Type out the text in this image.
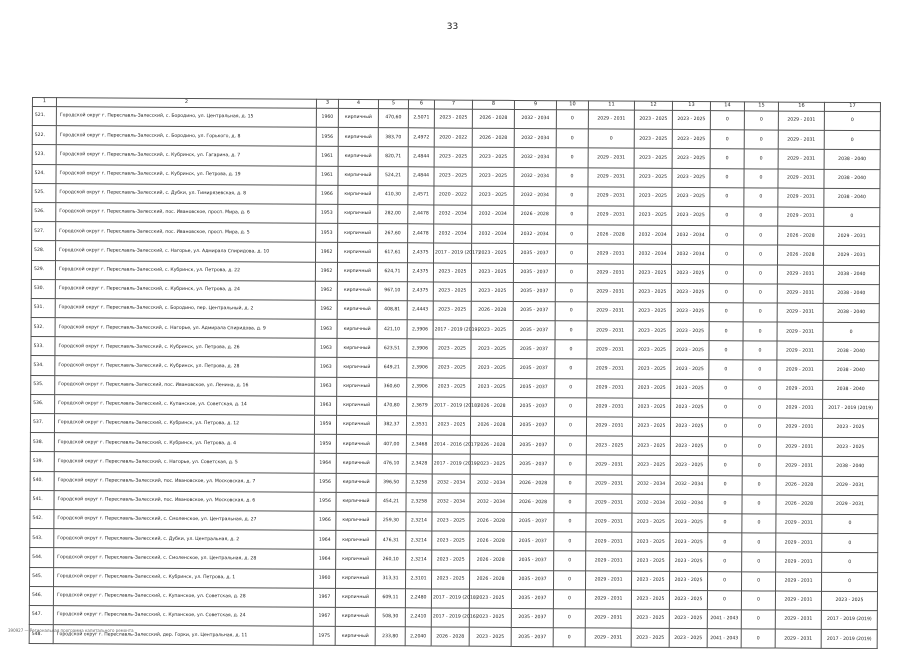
33
1	2	3	4	5	6	7	8	9	10	11	12	13	14	15	16	17
521.	Городской округ г. Переславль-Залесский, с. Бородино, ул. Центральная, д. 15	1960	кирпичный	470,60	2,5071	2023 - 2025	2026 - 2028	2032 - 2034	0	2029 - 2031	2023 - 2025	2023 - 2025	0	0	2029 - 2031	0
522.	Городской округ г. Переславль-Залесский, с. Бородино, ул. Горького, д. 8	1956	кирпичный	383,70	2,4972	2020 - 2022	2026 - 2028	2032 - 2034	0	0	2023 - 2025	2023 - 2025	0	0	2029 - 2031	0
523.	Городской округ г. Переславль-Залесский, с. Кубринск, ул. Гагарина, д. 7	1961	кирпичный	820,71	2,4844	2023 - 2025	2023 - 2025	2032 - 2034	0	2029 - 2031	2023 - 2025	2023 - 2025	0	0	2029 - 2031	2038 - 2040
524.	Городской округ г. Переславль-Залесский, с. Кубринск, ул. Петрова, д. 19	1961	кирпичный	524,21	2,4844	2023 - 2025	2023 - 2025	2032 - 2034	0	2029 - 2031	2023 - 2025	2023 - 2025	0	0	2029 - 2031	2038 - 2040
525.	Городской округ г. Переславль-Залесский, с. Дубки, ул. Тимирязевская, д. 8	1966	кирпичный	410,30	2,4571	2020 - 2022	2023 - 2025	2032 - 2034	0	2029 - 2031	2023 - 2025	2023 - 2025	0	0	2029 - 2031	2038 - 2040
526.	Городской округ г. Переславль-Залесский, пос. Ивановское, просп. Мира, д. 6	1953	кирпичный	282,00	2,4478	2032 - 2034	2032 - 2034	2026 - 2028	0	2029 - 2031	2023 - 2025	2023 - 2025	0	0	2029 - 2031	0
527.	Городской округ г. Переславль-Залесский, пос. Ивановское, просп. Мира, д. 5	1953	кирпичный	267,60	2,4478	2032 - 2034	2032 - 2034	2032 - 2034	0	2026 - 2028	2032 - 2034	2032 - 2034	0	0	2026 - 2028	2029 - 2031
528.	Городской округ г. Переславль-Залесский, с. Нагорье, ул. Адмирала Спиридова, д. 10	1962	кирпичный	617,61	2,4375	2017 - 2019 (2017)	2023 - 2025	2035 - 2037	0	2029 - 2031	2032 - 2034	2032 - 2034	0	0	2026 - 2028	2029 - 2031
529.	Городской округ г. Переславль-Залесский, с. Кубринск, ул. Петрова, д. 22	1962	кирпичный	624,71	2,4375	2023 - 2025	2023 - 2025	2035 - 2037	0	2029 - 2031	2023 - 2025	2023 - 2025	0	0	2029 - 2031	2038 - 2040
530.	Городской округ г. Переславль-Залесский, с. Кубринск, ул. Петрова, д. 24	1962	кирпичный	967,10	2,4375	2023 - 2025	2023 - 2025	2035 - 2037	0	2029 - 2031	2023 - 2025	2023 - 2025	0	0	2029 - 2031	2038 - 2040
531.	Городской округ г. Переславль-Залесский, с. Бородино, пер. Центральный, д. 2	1962	кирпичный	408,81	2,4443	2023 - 2025	2026 - 2028	2035 - 2037	0	2029 - 2031	2023 - 2025	2023 - 2025	0	0	2029 - 2031	2038 - 2040
532.	Городской округ г. Переславль-Залесский, с. Нагорье, ул. Адмирала Спиридова, д. 9	1963	кирпичный	421,10	2,3906	2017 - 2019 (2019)	2023 - 2025	2035 - 2037	0	2029 - 2031	2023 - 2025	2023 - 2025	0	0	2029 - 2031	0
533.	Городской округ г. Переславль-Залесский, с. Кубринск, ул. Петрова, д. 26	1963	кирпичный	623,51	2,3906	2023 - 2025	2023 - 2025	2035 - 2037	0	2029 - 2031	2023 - 2025	2023 - 2025	0	0	2029 - 2031	2038 - 2040
534.	Городской округ г. Переславль-Залесский, с. Кубринск, ул. Петрова, д. 28	1963	кирпичный	649,21	2,3906	2023 - 2025	2023 - 2025	2035 - 2037	0	2029 - 2031	2023 - 2025	2023 - 2025	0	0	2029 - 2031	2038 - 2040
535.	Городской округ г. Переславль-Залесский, пос. Ивановское, ул. Ленина, д. 16	1963	кирпичный	360,60	2,3906	2023 - 2025	2023 - 2025	2035 - 2037	0	2029 - 2031	2023 - 2025	2023 - 2025	0	0	2029 - 2031	2038 - 2040
536.	Городской округ г. Переславль-Залесский, с. Купанское, ул. Советская, д. 14	1963	кирпичный	470,80	2,3679	2017 - 2019 (2018)	2026 - 2028	2035 - 2037	0	2029 - 2031	2023 - 2025	2023 - 2025	0	0	2029 - 2031	2017 - 2019 (2019)
537.	Городской округ г. Переславль-Залесский, с. Кубринск, ул. Петрова, д. 12	1959	кирпичный	382,37	2,3531	2023 - 2025	2026 - 2028	2035 - 2037	0	2029 - 2031	2023 - 2025	2023 - 2025	0	0	2029 - 2031	2023 - 2025
538.	Городской округ г. Переславль-Залесский, с. Кубринск, ул. Петрова, д. 4	1959	кирпичный	407,00	2,3468	2014 - 2016 (2017)	2026 - 2028	2035 - 2037	0	2023 - 2025	2023 - 2025	2023 - 2025	0	0	2029 - 2031	2023 - 2025
539.	Городской округ г. Переславль-Залесский, с. Нагорье, ул. Советская, д. 5	1964	кирпичный	476,10	2,3428	2017 - 2019 (2019)	2023 - 2025	2035 - 2037	0	2029 - 2031	2023 - 2025	2023 - 2025	0	0	2029 - 2031	2038 - 2040
540.	Городской округ г. Переславль-Залесский, пос. Ивановское, ул. Московская, д. 7	1956	кирпичный	396,50	2,3258	2032 - 2034	2032 - 2034	2026 - 2028	0	2029 - 2031	2032 - 2034	2032 - 2034	0	0	2026 - 2028	2029 - 2031
541.	Городской округ г. Переславль-Залесский, пос. Ивановское, ул. Московская, д. 6	1956	кирпичный	454,21	2,3258	2032 - 2034	2032 - 2034	2026 - 2028	0	2029 - 2031	2032 - 2034	2032 - 2034	0	0	2026 - 2028	2029 - 2031
542.	Городской округ г. Переславль-Залесский, с. Смоленское, ул. Центральная, д. 27	1966	кирпичный	259,30	2,3214	2023 - 2025	2026 - 2028	2035 - 2037	0	2029 - 2031	2023 - 2025	2023 - 2025	0	0	2029 - 2031	0
543.	Городской округ г. Переславль-Залесский, с. Дубки, ул. Центральная, д. 2	1964	кирпичный	476,31	2,3214	2023 - 2025	2026 - 2028	2035 - 2037	0	2029 - 2031	2023 - 2025	2023 - 2025	0	0	2029 - 2031	0
544.	Городской округ г. Переславль-Залесский, с. Смоленское, ул. Центральная, д. 28	1964	кирпичный	260,10	2,3214	2023 - 2025	2026 - 2028	2035 - 2037	0	2029 - 2031	2023 - 2025	2023 - 2025	0	0	2029 - 2031	0
545.	Городской округ г. Переславль-Залесский, с. Кубринск, ул. Петрова, д. 1	1960	кирпичный	313,31	2,3101	2023 - 2025	2026 - 2028	2035 - 2037	0	2029 - 2031	2023 - 2025	2023 - 2025	0	0	2029 - 2031	0
546.	Городской округ г. Переславль-Залесский, с. Купанское, ул. Советская, д. 28	1967	кирпичный	609,11	2,2480	2017 - 2019 (2018)	2023 - 2025	2035 - 2037	0	2029 - 2031	2023 - 2025	2023 - 2025	0	0	2029 - 2031	2023 - 2025
547.	Городской округ г. Переславль-Залесский, с. Купанское, ул. Советская, д. 24	1967	кирпичный	508,30	2,2410	2017 - 2019 (2016)	2023 - 2025	2035 - 2037	0	2029 - 2031	2023 - 2025	2023 - 2025	2041 - 2043	0	2029 - 2031	2017 - 2019 (2019)
548.	Городской округ г. Переславль-Залесский, дер. Горки, ул. Центральная, д. 11	1975	кирпичный	233,80	2,2040	2026 - 2028	2023 - 2025	2035 - 2037	0	2029 - 2031	2023 - 2025	2023 - 2025	2041 - 2043	0	2029 - 2031	2017 - 2019 (2019)
390927 — Региональная программа капитального ремонта
